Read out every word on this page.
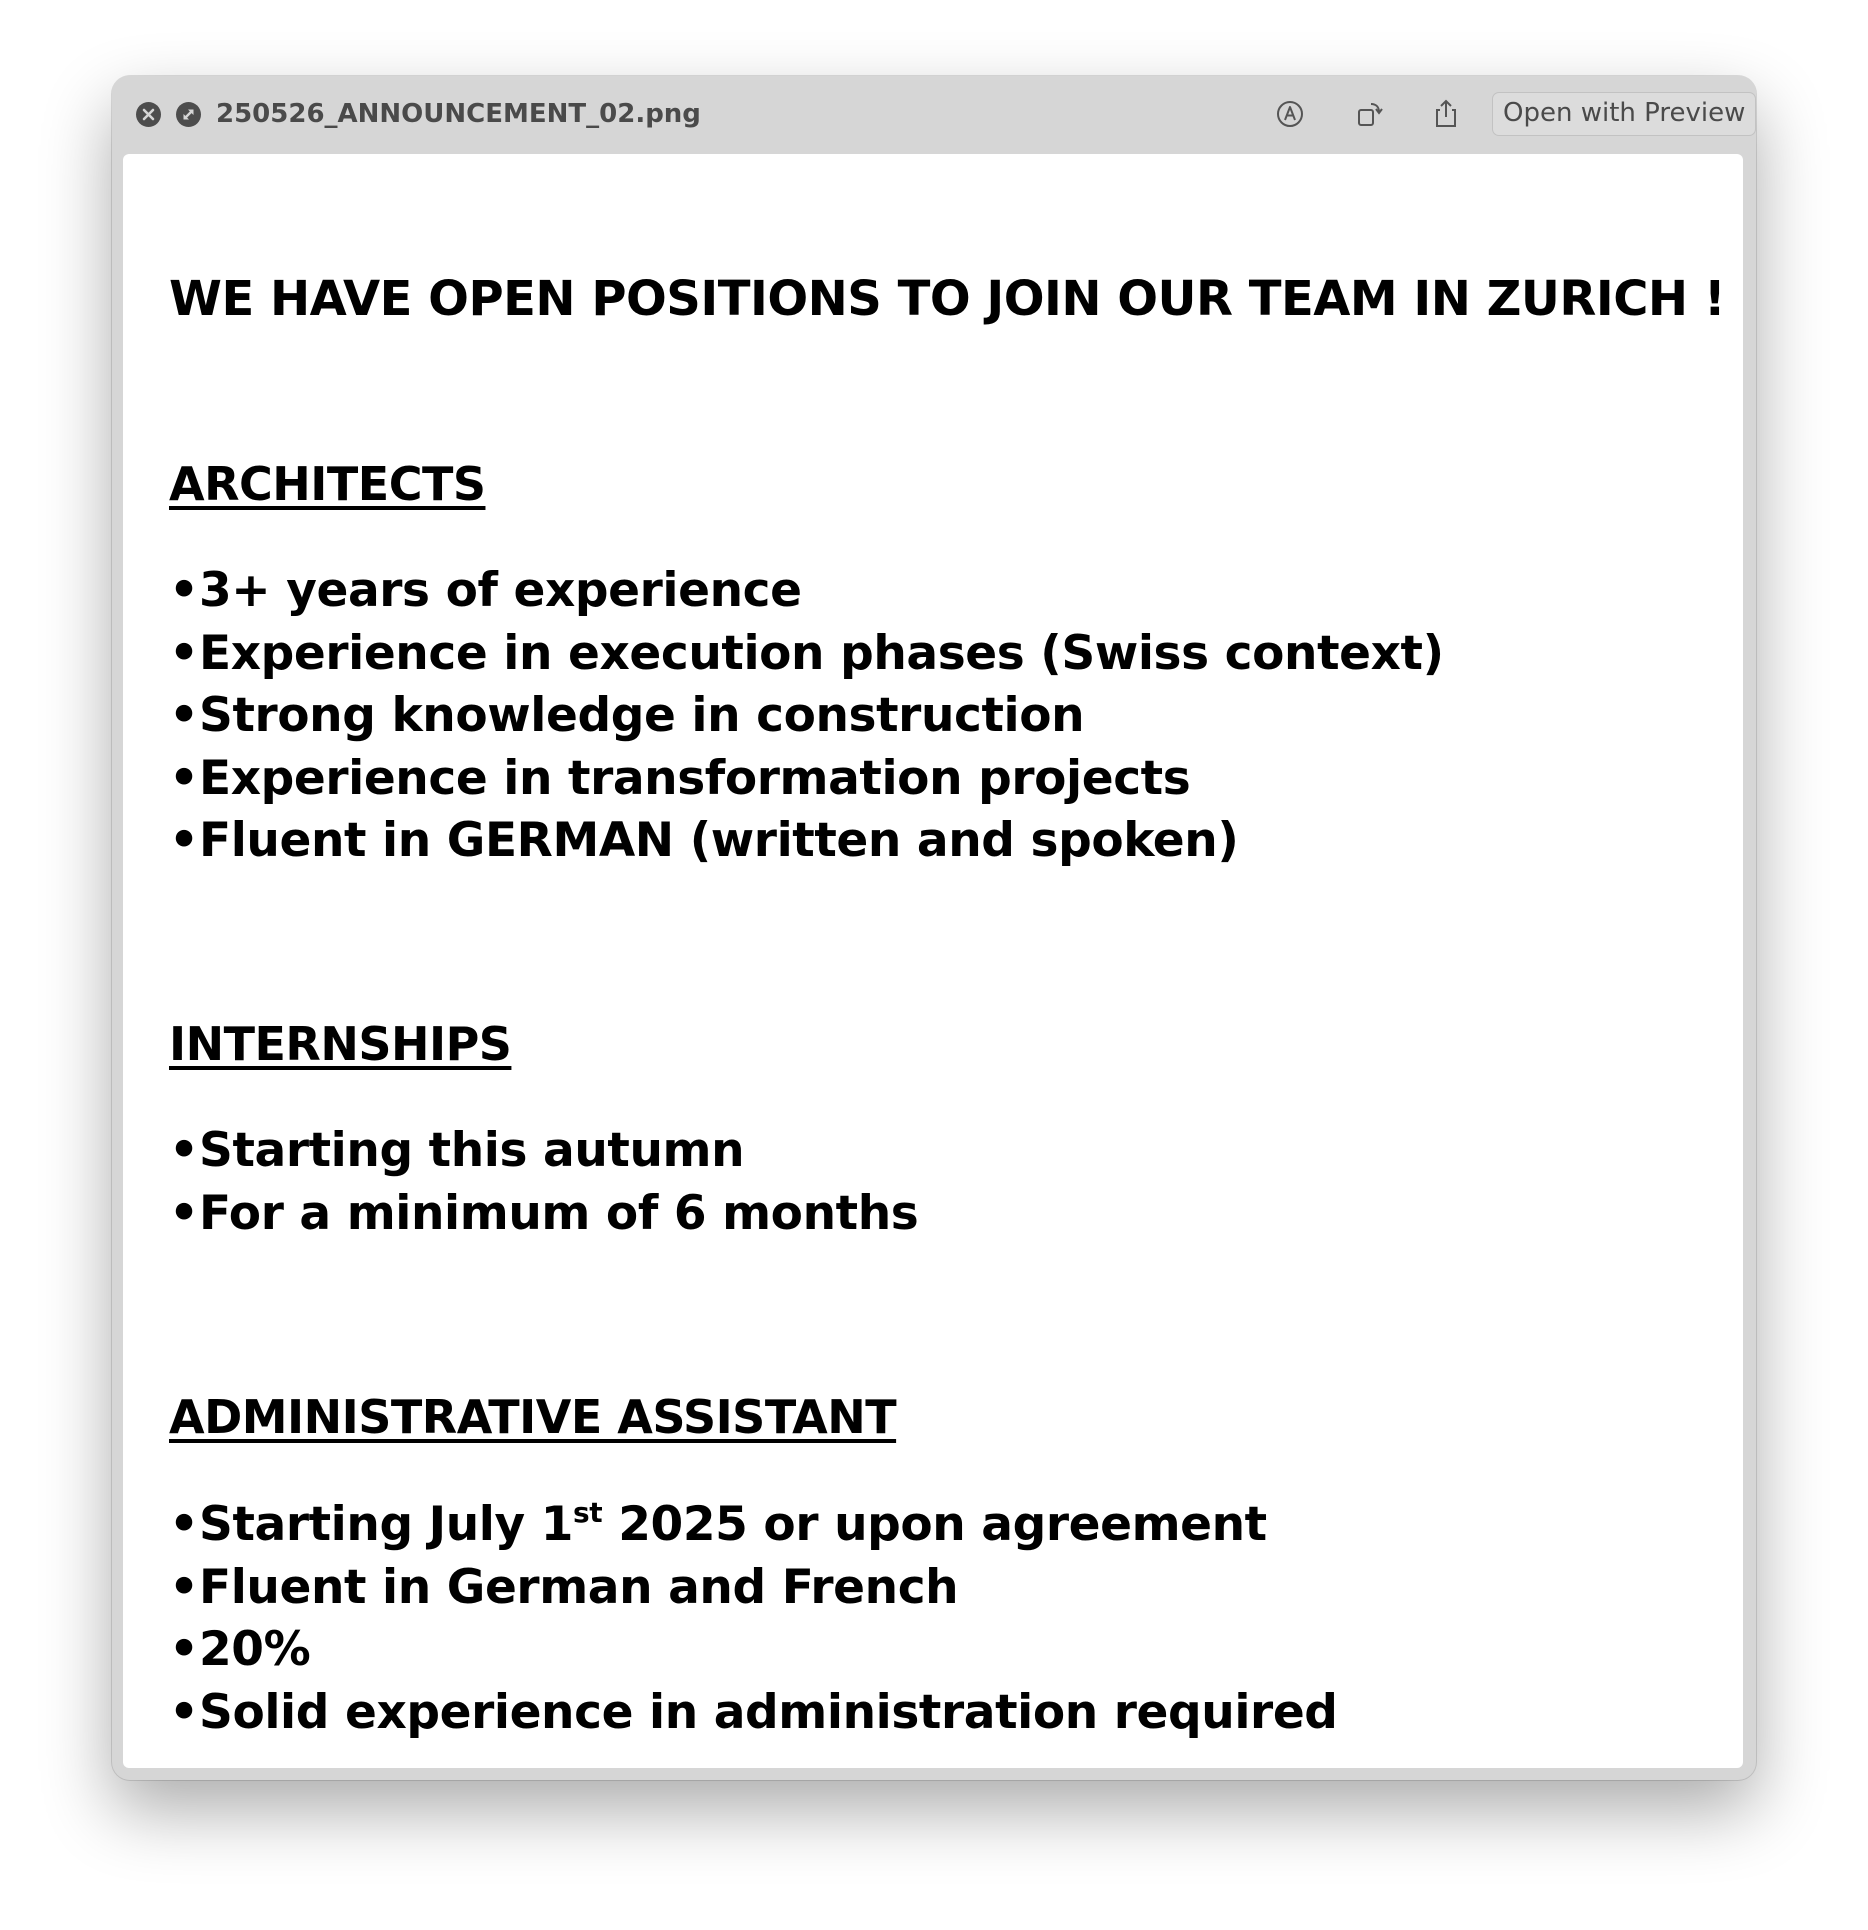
250526_ANNOUNCEMENT_02.png	Open with Preview
WE HAVE OPEN POSITIONS TO JOIN OUR TEAM IN ZURICH !
ARCHITECTS
• 3+ years of experience
• Experience in execution phases (Swiss context)
• Strong knowledge in construction
• Experience in transformation projects
• Fluent in GERMAN (written and spoken)
INTERNSHIPS
• Starting this autumn
• For a minimum of 6 months
ADMINISTRATIVE ASSISTANT
• Starting July 1st 2025 or upon agreement
• Fluent in German and French
• 20%
• Solid experience in administration required
